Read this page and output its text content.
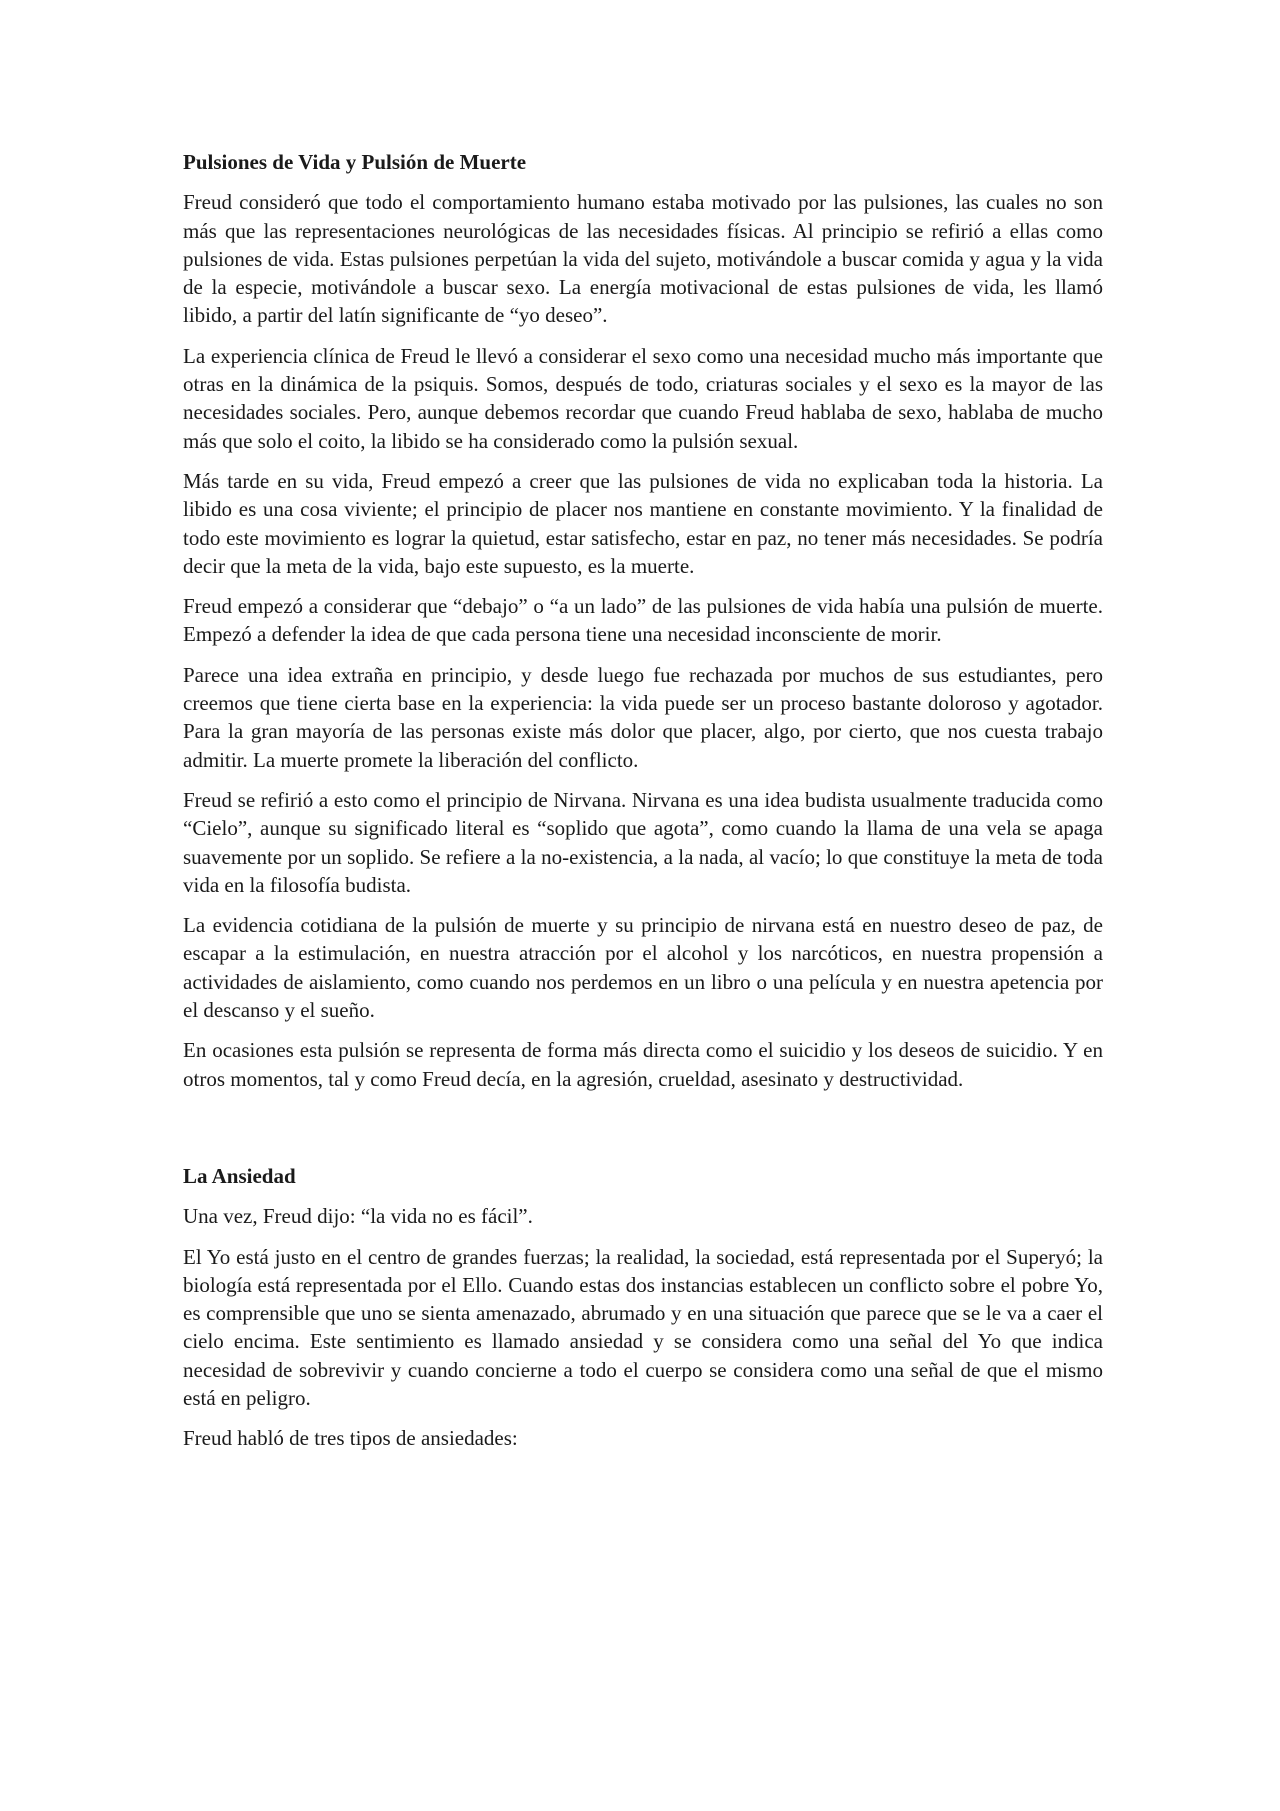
Pulsiones de Vida y Pulsión de Muerte

Freud consideró que todo el comportamiento humano estaba motivado por las pulsiones, las cuales no son más que las representaciones neurológicas de las necesidades físicas. Al principio se refirió a ellas como pulsiones de vida. Estas pulsiones perpetúan la vida del sujeto, motivándole a buscar comida y agua y la vida de la especie, motivándole a buscar sexo. La energía motivacional de estas pulsiones de vida, les llamó libido, a partir del latín significante de “yo deseo”.

La experiencia clínica de Freud le llevó a considerar el sexo como una necesidad mucho más importante que otras en la dinámica de la psiquis. Somos, después de todo, criaturas sociales y el sexo es la mayor de las necesidades sociales. Pero, aunque debemos recordar que cuando Freud hablaba de sexo, hablaba de mucho más que solo el coito, la libido se ha considerado como la pulsión sexual.

Más tarde en su vida, Freud empezó a creer que las pulsiones de vida no explicaban toda la historia. La libido es una cosa viviente; el principio de placer nos mantiene en constante movimiento. Y la finalidad de todo este movimiento es lograr la quietud, estar satisfecho, estar en paz, no tener más necesidades. Se podría decir que la meta de la vida, bajo este supuesto, es la muerte.

Freud empezó a considerar que “debajo” o “a un lado” de las pulsiones de vida había una pulsión de muerte. Empezó a defender la idea de que cada persona tiene una necesidad inconsciente de morir.

Parece una idea extraña en principio, y desde luego fue rechazada por muchos de sus estudiantes, pero creemos que tiene cierta base en la experiencia: la vida puede ser un proceso bastante doloroso y agotador. Para la gran mayoría de las personas existe más dolor que placer, algo, por cierto, que nos cuesta trabajo admitir. La muerte promete la liberación del conflicto.

Freud se refirió a esto como el principio de Nirvana. Nirvana es una idea budista usualmente traducida como “Cielo”, aunque su significado literal es “soplido que agota”, como cuando la llama de una vela se apaga suavemente por un soplido. Se refiere a la no-existencia, a la nada, al vacío; lo que constituye la meta de toda vida en la filosofía budista.

La evidencia cotidiana de la pulsión de muerte y su principio de nirvana está en nuestro deseo de paz, de escapar a la estimulación, en nuestra atracción por el alcohol y los narcóticos, en nuestra propensión a actividades de aislamiento, como cuando nos perdemos en un libro o una película y en nuestra apetencia por el descanso y el sueño.

En ocasiones esta pulsión se representa de forma más directa como el suicidio y los deseos de suicidio. Y en otros momentos, tal y como Freud decía, en la agresión, crueldad, asesinato y destructividad.

La Ansiedad

Una vez, Freud dijo: “la vida no es fácil”.

El Yo está justo en el centro de grandes fuerzas; la realidad, la sociedad, está representada por el Superyó; la biología está representada por el Ello. Cuando estas dos instancias establecen un conflicto sobre el pobre Yo, es comprensible que uno se sienta amenazado, abrumado y en una situación que parece que se le va a caer el cielo encima. Este sentimiento es llamado ansiedad y se considera como una señal del Yo que indica necesidad de sobrevivir y cuando concierne a todo el cuerpo se considera como una señal de que el mismo está en peligro.

Freud habló de tres tipos de ansiedades:
